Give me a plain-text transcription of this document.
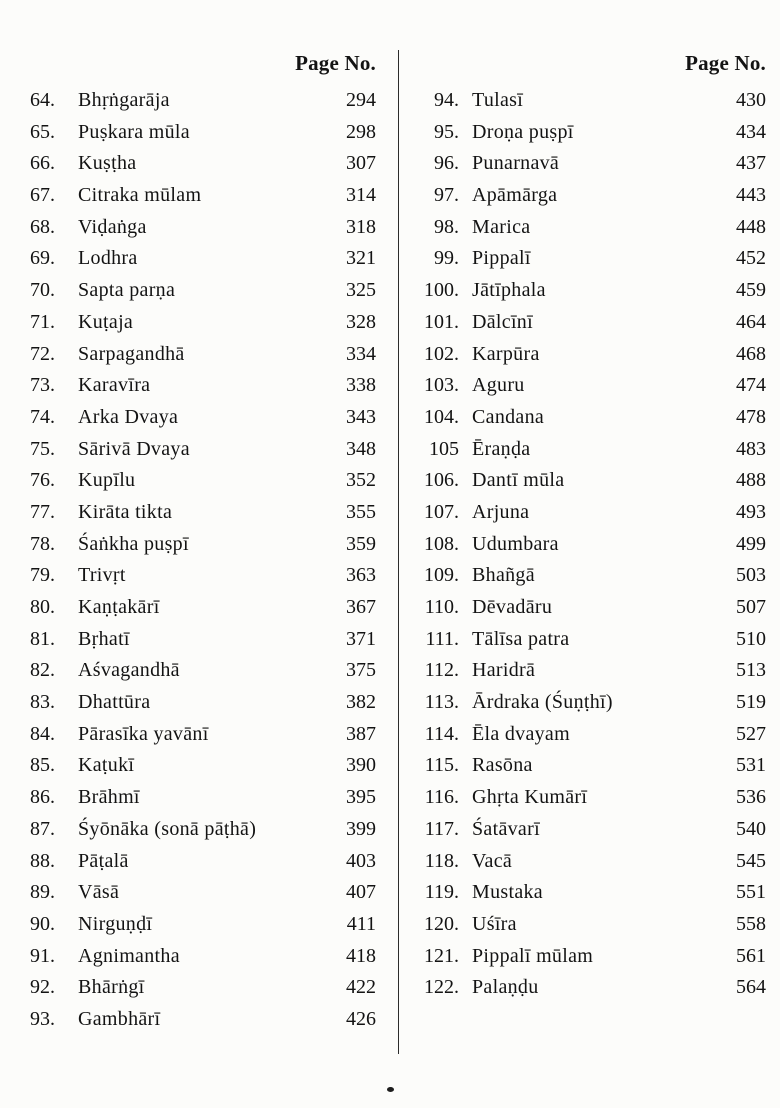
Page No.
64.	Bhṛṅgarāja	294
65.	Puṣkara mūla	298
66.	Kuṣṭha	307
67.	Citraka mūlam	314
68.	Viḍaṅga	318
69.	Lodhra	321
70.	Sapta parṇa	325
71.	Kuṭaja	328
72.	Sarpagandhā	334
73.	Karavīra	338
74.	Arka Dvaya	343
75.	Sārivā Dvaya	348
76.	Kupīlu	352
77.	Kirāta tikta	355
78.	Śaṅkha puṣpī	359
79.	Trivṛt	363
80.	Kaṇṭakārī	367
81.	Bṛhatī	371
82.	Aśvagandhā	375
83.	Dhattūra	382
84.	Pārasīka yavānī	387
85.	Kaṭukī	390
86.	Brāhmī	395
87.	Śyōnāka (sonā pāṭhā)	399
88.	Pāṭalā	403
89.	Vāsā	407
90.	Nirguṇḍī	411
91.	Agnimantha	418
92.	Bhārṅgī	422
93.	Gambhārī	426
Page No.
94. Tulasī	430
95. Droṇa puṣpī	434
96. Punarnavā	437
97. Apāmārga	443
98. Marica	448
99. Pippalī	452
100. Jātīphala	459
101. Dālcīnī	464
102. Karpūra	468
103. Aguru	474
104. Candana	478
105 Ēraṇḍa	483
106. Dantī mūla	488
107. Arjuna	493
108. Udumbara	499
109. Bhañgā	503
110. Dēvadāru	507
111. Tālīsa patra	510
112. Haridrā	513
113. Ārdraka (Śuṇṭhī)	519
114. Ēla dvayam	527
115. Rasōna	531
116. Ghṛta Kumārī	536
117. Śatāvarī	540
118. Vacā	545
119. Mustaka	551
120. Uśīra	558
121. Pippalī mūlam	561
122. Palaṇḍu	564
